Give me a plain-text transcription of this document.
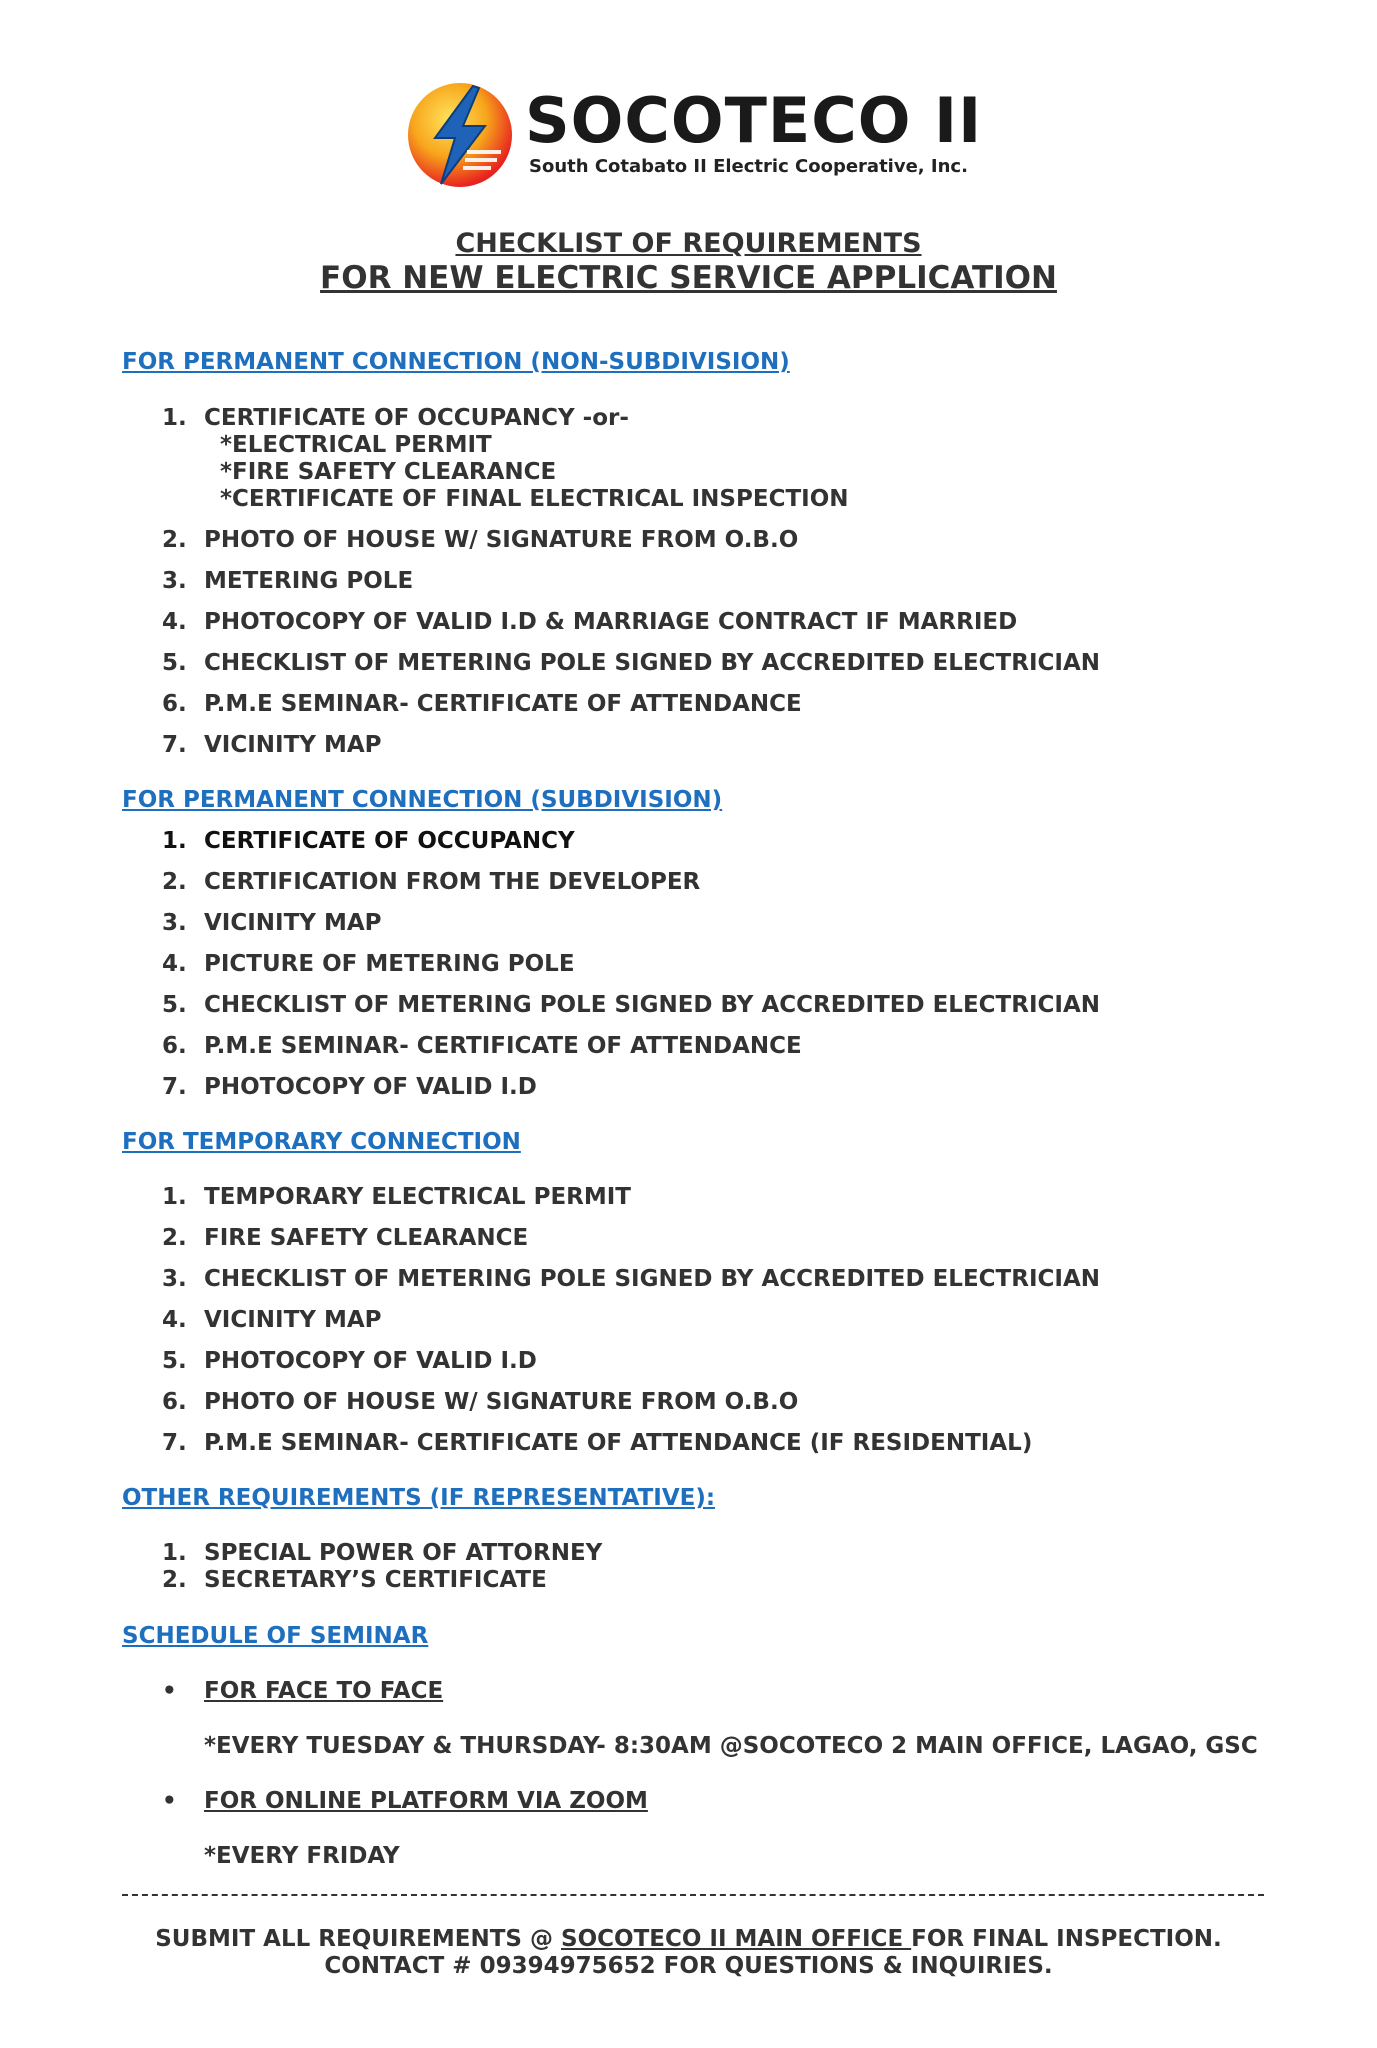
SOCOTECO II
South Cotabato II Electric Cooperative, Inc.
CHECKLIST OF REQUIREMENTS
FOR NEW ELECTRIC SERVICE APPLICATION
FOR PERMANENT CONNECTION (NON-SUBDIVISION)
1. CERTIFICATE OF OCCUPANCY -or-
*ELECTRICAL PERMIT
*FIRE SAFETY CLEARANCE
*CERTIFICATE OF FINAL ELECTRICAL INSPECTION
2. PHOTO OF HOUSE W/ SIGNATURE FROM O.B.O
3. METERING POLE
4. PHOTOCOPY OF VALID I.D & MARRIAGE CONTRACT IF MARRIED
5. CHECKLIST OF METERING POLE SIGNED BY ACCREDITED ELECTRICIAN
6. P.M.E SEMINAR- CERTIFICATE OF ATTENDANCE
7. VICINITY MAP
FOR PERMANENT CONNECTION (SUBDIVISION)
1. CERTIFICATE OF OCCUPANCY
2. CERTIFICATION FROM THE DEVELOPER
3. VICINITY MAP
4. PICTURE OF METERING POLE
5. CHECKLIST OF METERING POLE SIGNED BY ACCREDITED ELECTRICIAN
6. P.M.E SEMINAR- CERTIFICATE OF ATTENDANCE
7. PHOTOCOPY OF VALID I.D
FOR TEMPORARY CONNECTION
1. TEMPORARY ELECTRICAL PERMIT
2. FIRE SAFETY CLEARANCE
3. CHECKLIST OF METERING POLE SIGNED BY ACCREDITED ELECTRICIAN
4. VICINITY MAP
5. PHOTOCOPY OF VALID I.D
6. PHOTO OF HOUSE W/ SIGNATURE FROM O.B.O
7. P.M.E SEMINAR- CERTIFICATE OF ATTENDANCE (IF RESIDENTIAL)
OTHER REQUIREMENTS (IF REPRESENTATIVE):
1. SPECIAL POWER OF ATTORNEY
2. SECRETARY’S CERTIFICATE
SCHEDULE OF SEMINAR
• FOR FACE TO FACE
*EVERY TUESDAY & THURSDAY- 8:30AM @SOCOTECO 2 MAIN OFFICE, LAGAO, GSC
• FOR ONLINE PLATFORM VIA ZOOM
*EVERY FRIDAY
SUBMIT ALL REQUIREMENTS @ SOCOTECO II MAIN OFFICE FOR FINAL INSPECTION.
CONTACT # 09394975652 FOR QUESTIONS & INQUIRIES.
